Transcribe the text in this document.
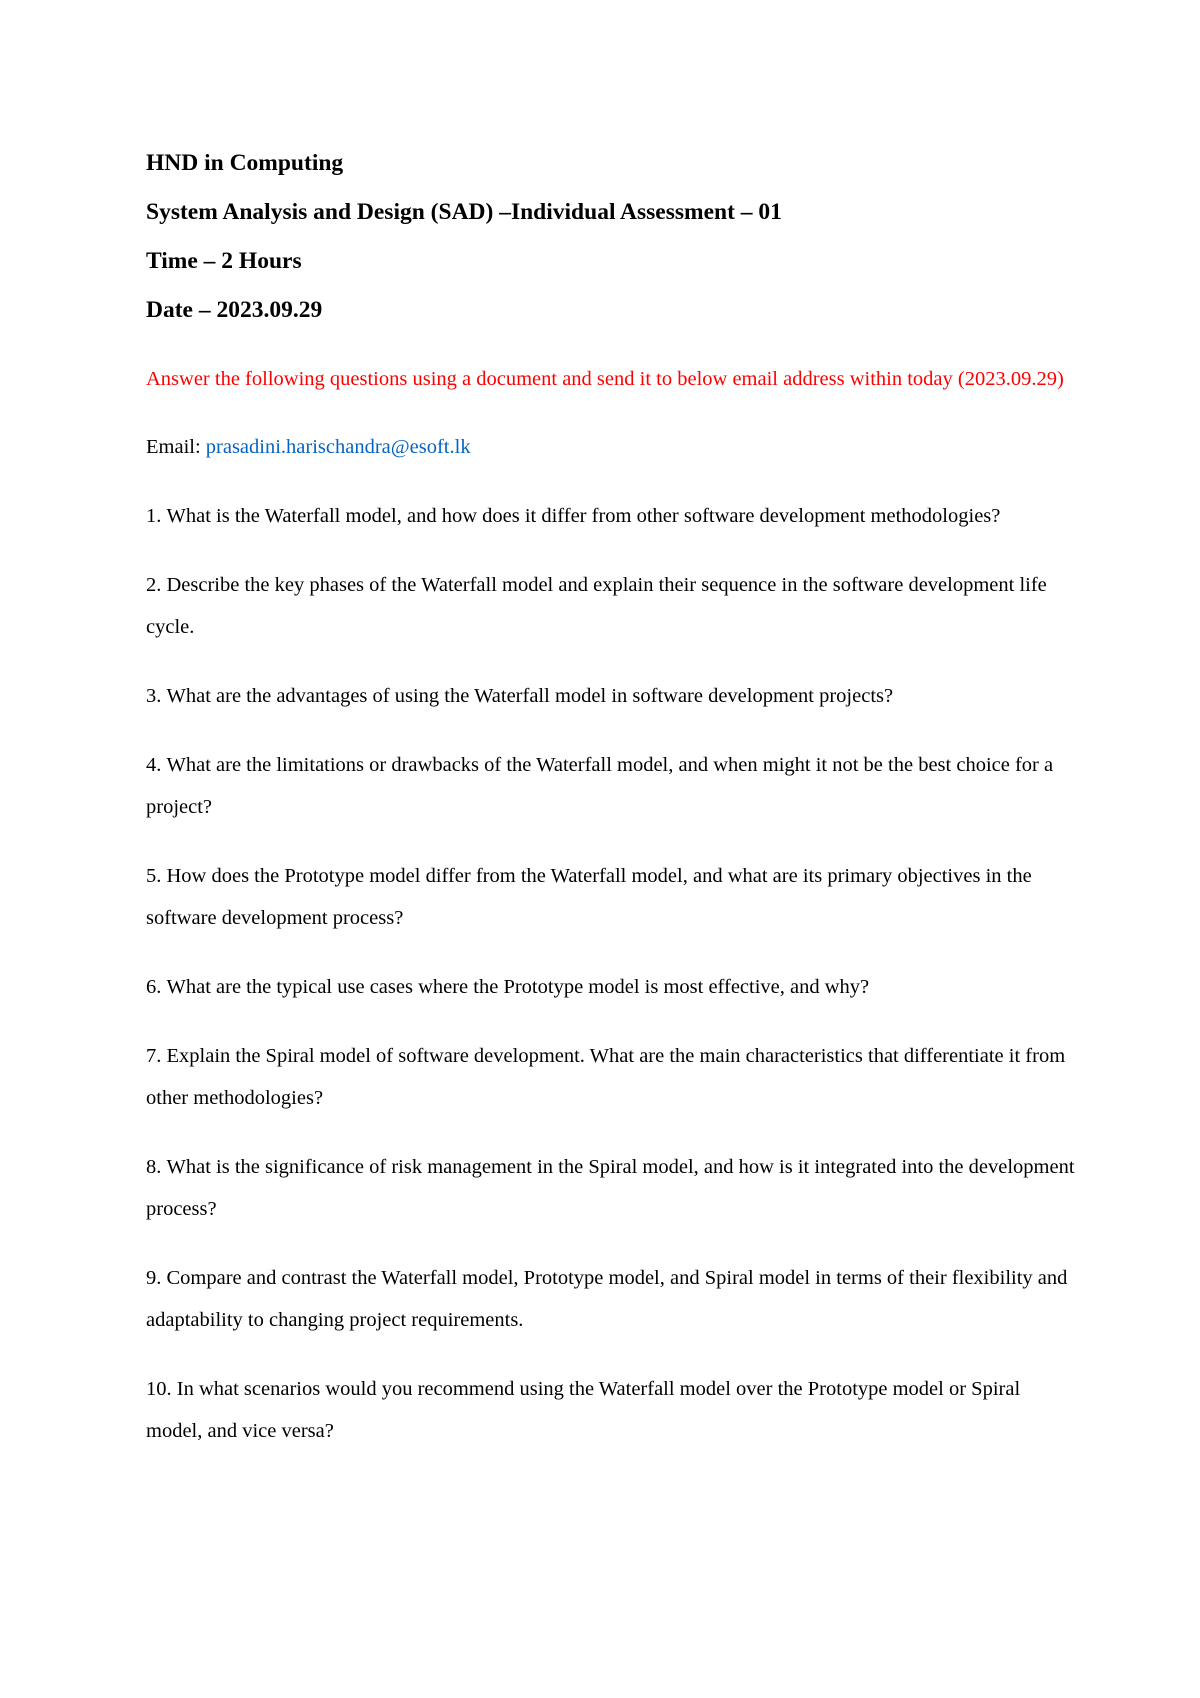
HND in Computing
System Analysis and Design (SAD) –Individual Assessment – 01
Time – 2 Hours
Date – 2023.09.29
Answer the following questions using a document and send it to below email address within today (2023.09.29)
Email: prasadini.harischandra@esoft.lk
1. What is the Waterfall model, and how does it differ from other software development methodologies?
2. Describe the key phases of the Waterfall model and explain their sequence in the software development life cycle.
3. What are the advantages of using the Waterfall model in software development projects?
4. What are the limitations or drawbacks of the Waterfall model, and when might it not be the best choice for a project?
5. How does the Prototype model differ from the Waterfall model, and what are its primary objectives in the software development process?
6. What are the typical use cases where the Prototype model is most effective, and why?
7. Explain the Spiral model of software development. What are the main characteristics that differentiate it from other methodologies?
8. What is the significance of risk management in the Spiral model, and how is it integrated into the development process?
9. Compare and contrast the Waterfall model, Prototype model, and Spiral model in terms of their flexibility and adaptability to changing project requirements.
10. In what scenarios would you recommend using the Waterfall model over the Prototype model or Spiral model, and vice versa?
